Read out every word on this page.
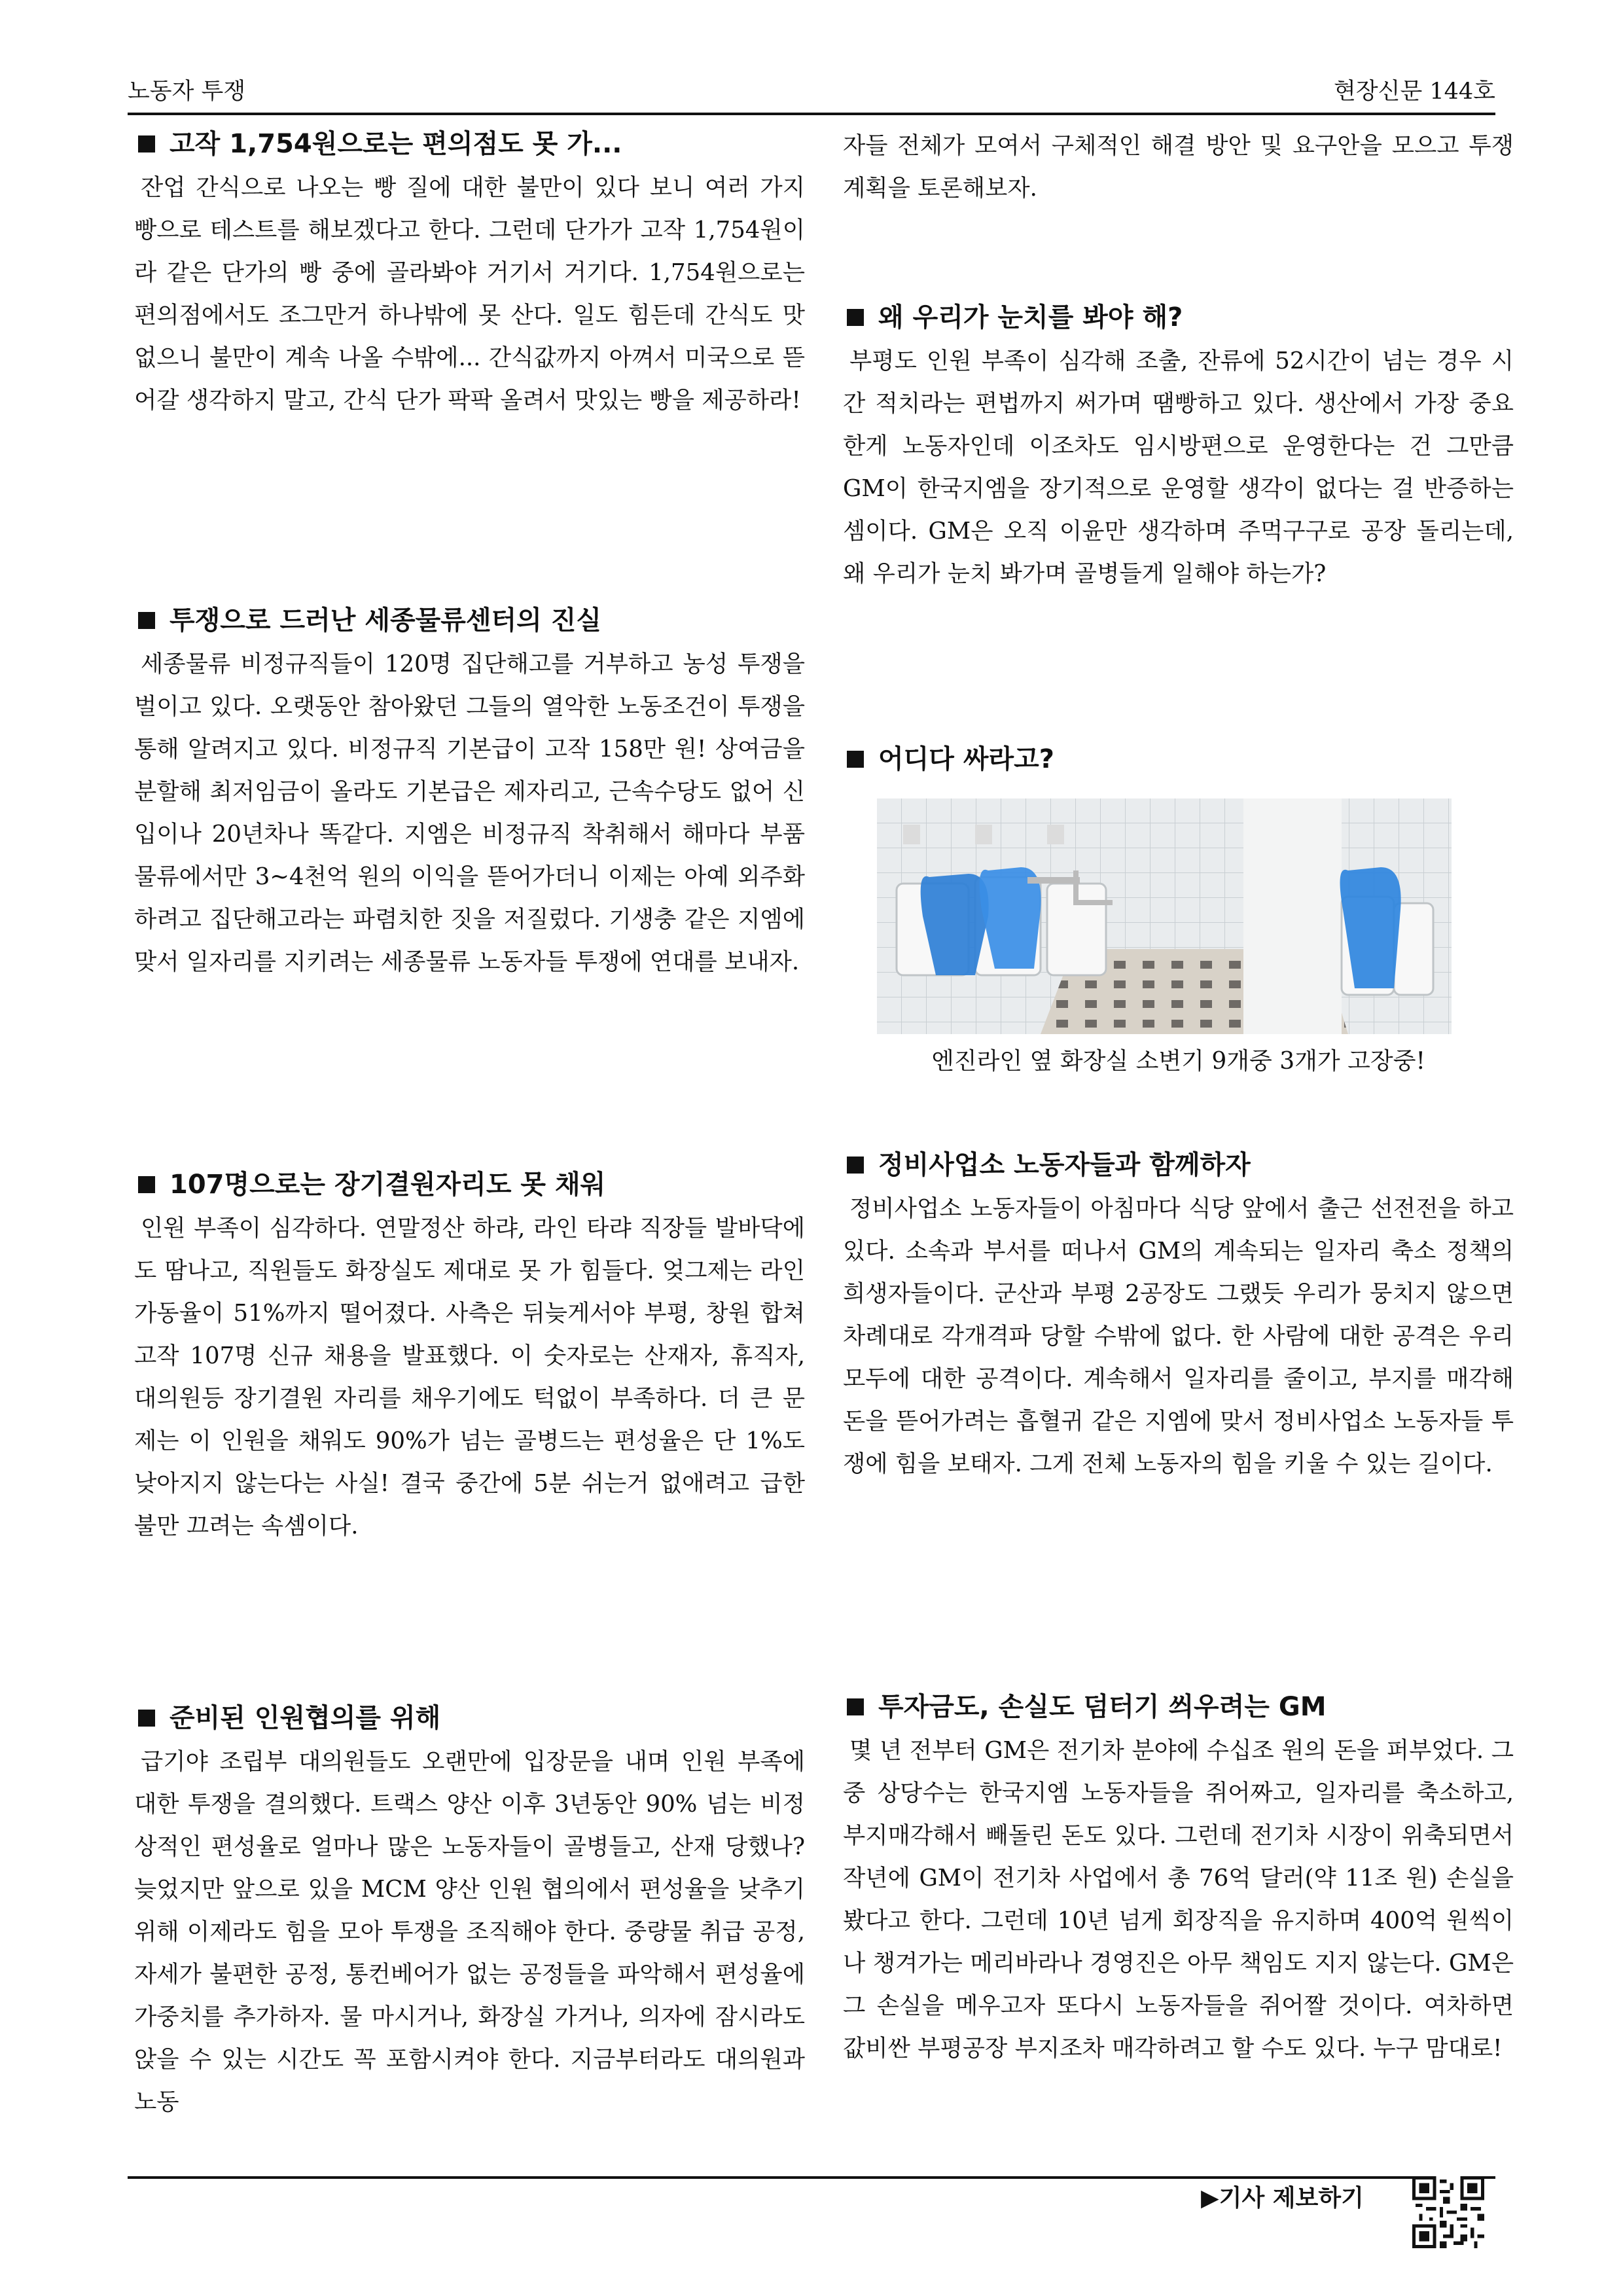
노동자 투쟁	현장신문 144호
고작 1,754원으로는 편의점도 못 가...

잔업 간식으로 나오는 빵 질에 대한 불만이 있다 보니 여러 가지 빵으로 테스트를 해보겠다고 한다. 그런데 단가가 고작 1,754원이라 같은 단가의 빵 중에 골라봐야 거기서 거기다. 1,754원으로는 편의점에서도 조그만거 하나밖에 못 산다. 일도 힘든데 간식도 맛없으니 불만이 계속 나올 수밖에... 간식값까지 아껴서 미국으로 뜯어갈 생각하지 말고, 간식 단가 팍팍 올려서 맛있는 빵을 제공하라!

투쟁으로 드러난 세종물류센터의 진실

세종물류 비정규직들이 120명 집단해고를 거부하고 농성 투쟁을 벌이고 있다. 오랫동안 참아왔던 그들의 열악한 노동조건이 투쟁을 통해 알려지고 있다. 비정규직 기본급이 고작 158만 원! 상여금을 분할해 최저임금이 올라도 기본급은 제자리고, 근속수당도 없어 신입이나 20년차나 똑같다. 지엠은 비정규직 착취해서 해마다 부품물류에서만 3~4천억 원의 이익을 뜯어가더니 이제는 아예 외주화하려고 집단해고라는 파렴치한 짓을 저질렀다. 기생충 같은 지엠에 맞서 일자리를 지키려는 세종물류 노동자들 투쟁에 연대를 보내자.

107명으로는 장기결원자리도 못 채워

인원 부족이 심각하다. 연말정산 하랴, 라인 타랴 직장들 발바닥에도 땀나고, 직원들도 화장실도 제대로 못 가 힘들다. 엊그제는 라인 가동율이 51%까지 떨어졌다. 사측은 뒤늦게서야 부평, 창원 합쳐 고작 107명 신규 채용을 발표했다. 이 숫자로는 산재자, 휴직자, 대의원등 장기결원 자리를 채우기에도 턱없이 부족하다. 더 큰 문제는 이 인원을 채워도 90%가 넘는 골병드는 편성율은 단 1%도 낮아지지 않는다는 사실! 결국 중간에 5분 쉬는거 없애려고 급한 불만 끄려는 속셈이다.

준비된 인원협의를 위해

급기야 조립부 대의원들도 오랜만에 입장문을 내며 인원 부족에 대한 투쟁을 결의했다. 트랙스 양산 이후 3년동안 90% 넘는 비정상적인 편성율로 얼마나 많은 노동자들이 골병들고, 산재 당했나? 늦었지만 앞으로 있을 MCM 양산 인원 협의에서 편성율을 낮추기 위해 이제라도 힘을 모아 투쟁을 조직해야 한다. 중량물 취급 공정, 자세가 불편한 공정, 통컨베어가 없는 공정들을 파악해서 편성율에 가중치를 추가하자. 물 마시거나, 화장실 가거나, 의자에 잠시라도 앉을 수 있는 시간도 꼭 포함시켜야 한다. 지금부터라도 대의원과 노동

자들 전체가 모여서 구체적인 해결 방안 및 요구안을 모으고 투쟁계획을 토론해보자.

왜 우리가 눈치를 봐야 해?

부평도 인원 부족이 심각해 조출, 잔류에 52시간이 넘는 경우 시간 적치라는 편법까지 써가며 땜빵하고 있다. 생산에서 가장 중요한게 노동자인데 이조차도 임시방편으로 운영한다는 건 그만큼 GM이 한국지엠을 장기적으로 운영할 생각이 없다는 걸 반증하는 셈이다. GM은 오직 이윤만 생각하며 주먹구구로 공장 돌리는데, 왜 우리가 눈치 봐가며 골병들게 일해야 하는가?

어디다 싸라고?
엔진라인 옆 화장실 소변기 9개중 3개가 고장중!
정비사업소 노동자들과 함께하자

정비사업소 노동자들이 아침마다 식당 앞에서 출근 선전전을 하고 있다. 소속과 부서를 떠나서 GM의 계속되는 일자리 축소 정책의 희생자들이다. 군산과 부평 2공장도 그랬듯 우리가 뭉치지 않으면 차례대로 각개격파 당할 수밖에 없다. 한 사람에 대한 공격은 우리 모두에 대한 공격이다. 계속해서 일자리를 줄이고, 부지를 매각해 돈을 뜯어가려는 흡혈귀 같은 지엠에 맞서 정비사업소 노동자들 투쟁에 힘을 보태자. 그게 전체 노동자의 힘을 키울 수 있는 길이다.

투자금도, 손실도 덤터기 씌우려는 GM

몇 년 전부터 GM은 전기차 분야에 수십조 원의 돈을 퍼부었다. 그중 상당수는 한국지엠 노동자들을 쥐어짜고, 일자리를 축소하고, 부지매각해서 빼돌린 돈도 있다. 그런데 전기차 시장이 위축되면서 작년에 GM이 전기차 사업에서 총 76억 달러(약 11조 원) 손실을 봤다고 한다. 그런데 10년 넘게 회장직을 유지하며 400억 원씩이나 챙겨가는 메리바라나 경영진은 아무 책임도 지지 않는다. GM은 그 손실을 메우고자 또다시 노동자들을 쥐어짤 것이다. 여차하면 값비싼 부평공장 부지조차 매각하려고 할 수도 있다. 누구 맘대로!

▶기사 제보하기
